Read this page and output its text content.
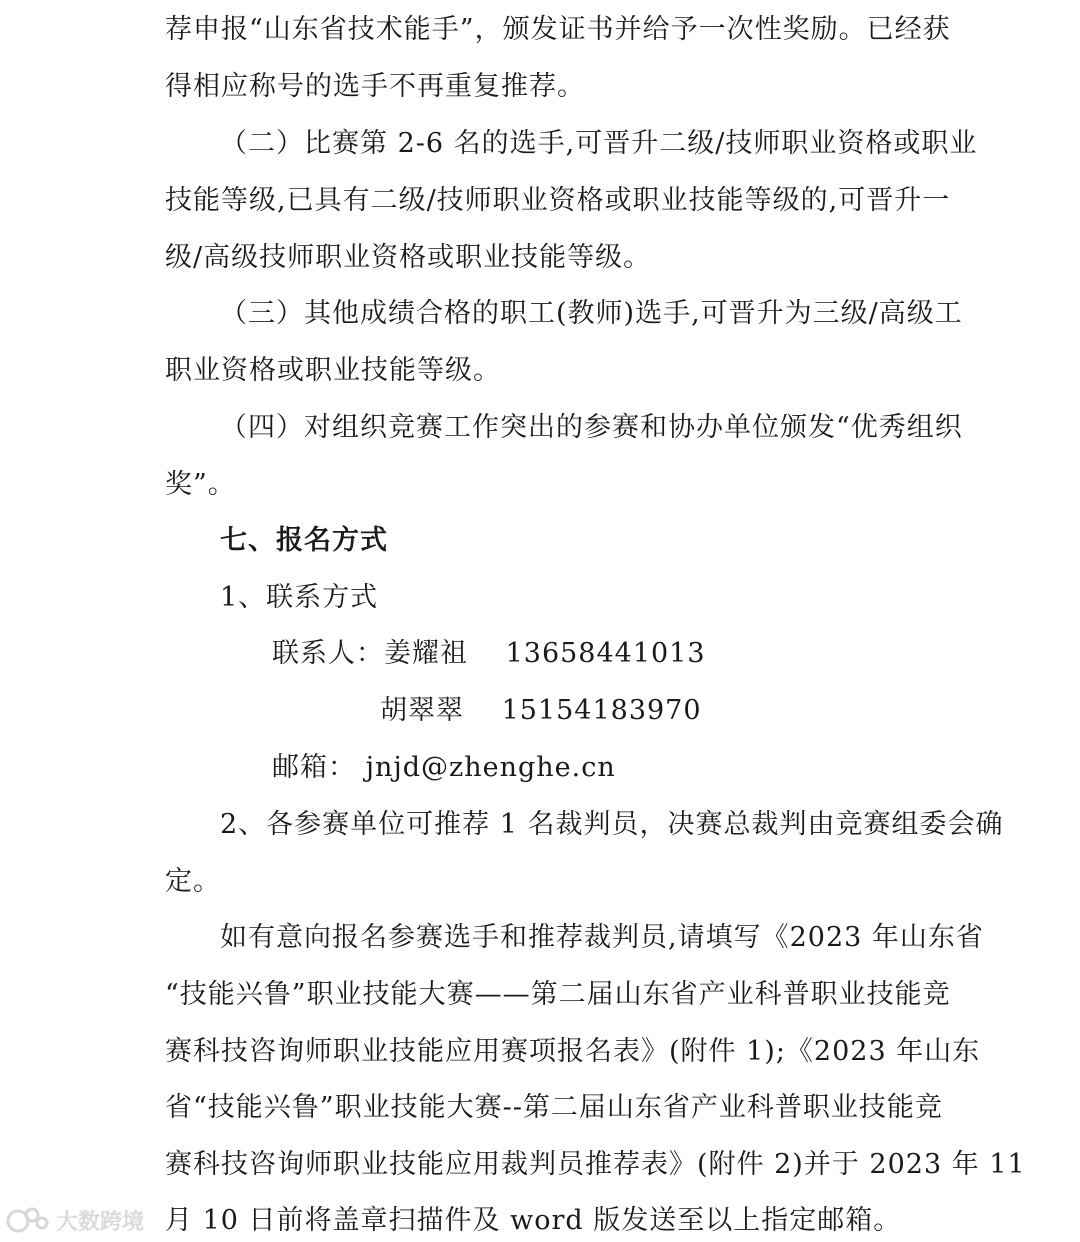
荐申报“山东省技术能手”，颁发证书并给予一次性奖励。已经获
得相应称号的选手不再重复推荐。
（二）比赛第 2-6 名的选手,可晋升二级/技师职业资格或职业
技能等级,已具有二级/技师职业资格或职业技能等级的,可晋升一
级/高级技师职业资格或职业技能等级。
（三）其他成绩合格的职工(教师)选手,可晋升为三级/高级工
职业资格或职业技能等级。
（四）对组织竞赛工作突出的参赛和协办单位颁发“优秀组织
奖”。
七、报名方式
1、联系方式
联系人：姜耀祖　 13658441013
胡翠翠　 15154183970
邮箱： jnjd@zhenghe.cn
2、各参赛单位可推荐 1 名裁判员，决赛总裁判由竞赛组委会确
定。
如有意向报名参赛选手和推荐裁判员,请填写《2023 年山东省
“技能兴鲁”职业技能大赛——第二届山东省产业科普职业技能竞
赛科技咨询师职业技能应用赛项报名表》(附件 1);《2023 年山东
省“技能兴鲁”职业技能大赛--第二届山东省产业科普职业技能竞
赛科技咨询师职业技能应用裁判员推荐表》(附件 2)并于 2023 年 11
月 10 日前将盖章扫描件及 word 版发送至以上指定邮箱。
大数跨境
